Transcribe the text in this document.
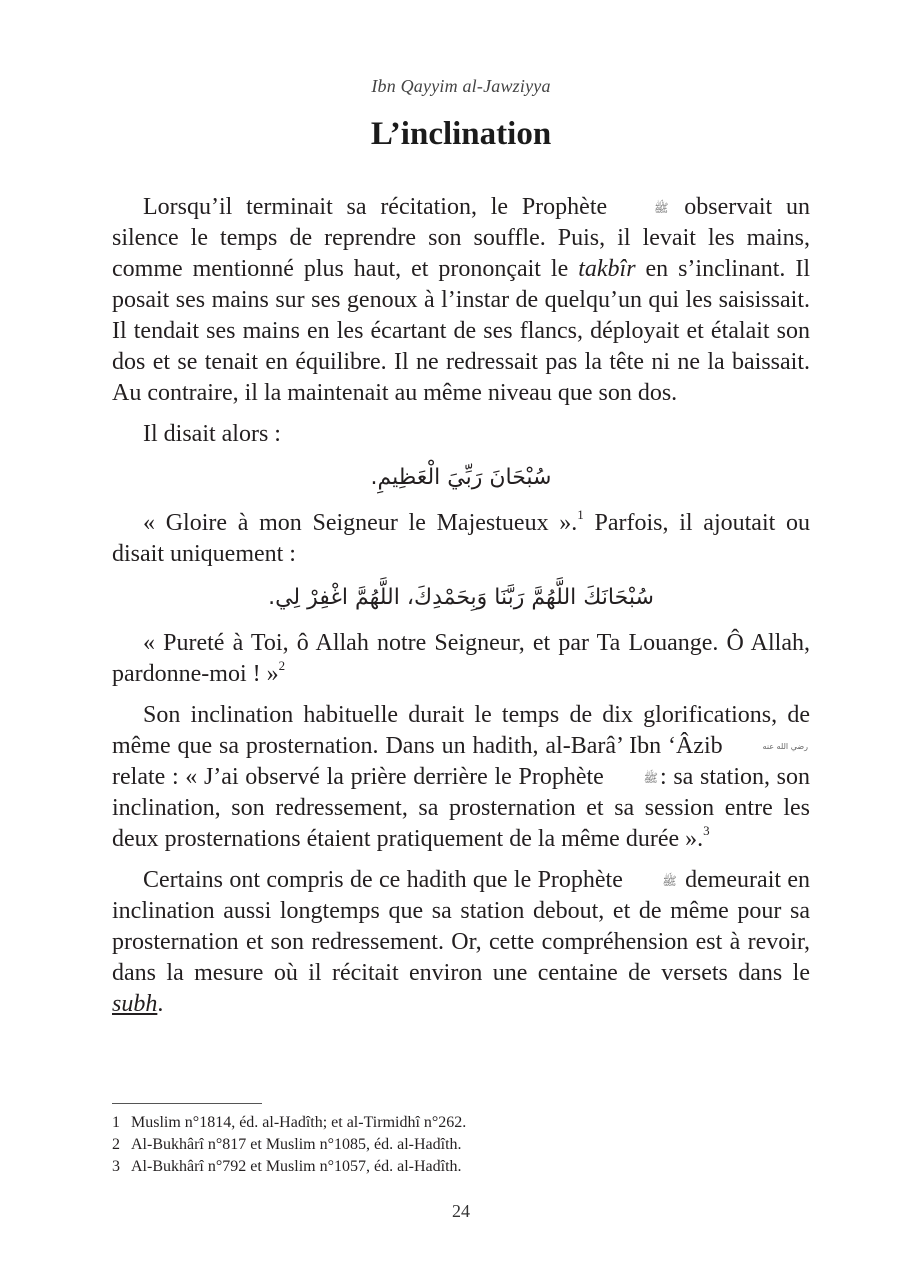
Ibn Qayyim al-Jawziyya
L’inclination

Lorsqu’il terminait sa récitation, le Prophète	ﷺ observait un silence le temps de reprendre son souffle. Puis, il levait les mains, comme mentionné plus haut, et prononçait le takbîr en s’inclinant. Il posait ses mains sur ses genoux à l’instar de quelqu’un qui les saisissait. Il tendait ses mains en les écartant de ses flancs, déployait et étalait son dos et se tenait en équilibre. Il ne redressait pas la tête ni ne la baissait. Au contraire, il la maintenait au même niveau que son dos.

Il disait alors :

سُبْحَانَ رَبِّيَ الْعَظِيمِ.

« Gloire à mon Seigneur le Majestueux ».$^1$ Parfois, il ajoutait ou disait uniquement :

سُبْحَانَكَ اللَّهُمَّ رَبَّنَا وَبِحَمْدِكَ، اللَّهُمَّ اغْفِرْ لِي.

« Pureté à Toi, ô Allah notre Seigneur, et par Ta Louange. Ô Allah, pardonne-moi ! »$^2$

Son inclination habituelle durait le temps de dix glorifications, de même que sa prosternation. Dans un hadith, al-Barâ’ Ibn ‘Âzib	رضي الله عنه relate : « J’ai observé la prière derrière le Prophète	ﷺ: sa station, son inclination, son redressement, sa prosternation et sa session entre les deux prosternations étaient pratiquement de la même durée ».$^3$

Certains ont compris de ce hadith que le Prophète	ﷺ demeurait en inclination aussi longtemps que sa station debout, et de même pour sa prosternation et son redressement. Or, cette compréhension est à revoir, dans la mesure où il récitait environ une centaine de versets dans le subh.

1 Muslim n°1814, éd. al-Hadîth; et al-Tirmidhî n°262.

2 Al-Bukhârî n°817 et Muslim n°1085, éd. al-Hadîth.

3 Al-Bukhârî n°792 et Muslim n°1057, éd. al-Hadîth.

24
